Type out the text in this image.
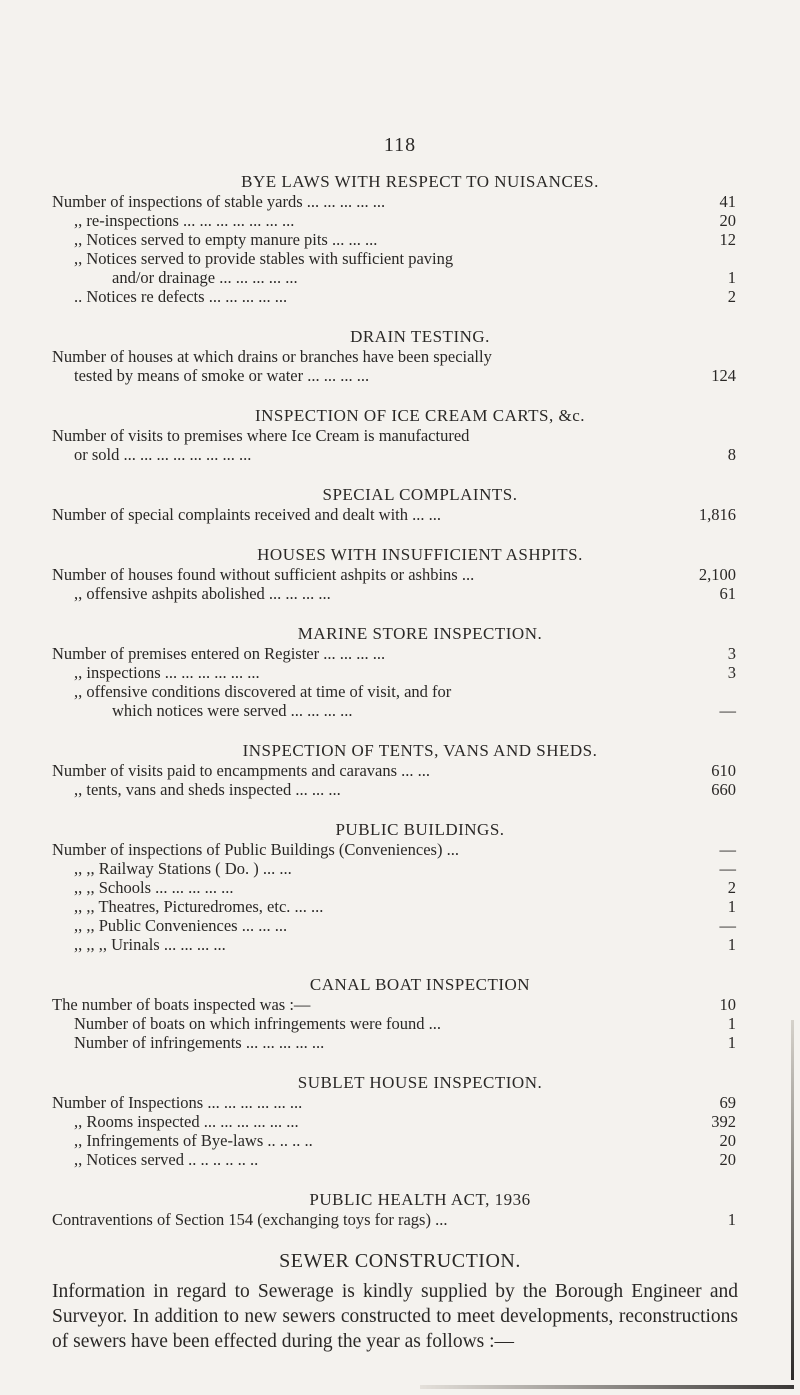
118
BYE LAWS WITH RESPECT TO NUISANCES.
Number of inspections of stable yards ... ... ... ... ...	41
,, re-inspections ... ... ... ... ... ... ...	20
,, Notices served to empty manure pits ... ... ...	12
,, Notices served to provide stables with sufficient paving
and/or drainage ... ... ... ... ...	1
.. Notices re defects ... ... ... ... ...	2
DRAIN TESTING.
Number of houses at which drains or branches have been specially
tested by means of smoke or water ... ... ... ...	124
INSPECTION OF ICE CREAM CARTS, &c.
Number of visits to premises where Ice Cream is manufactured
or sold ... ... ... ... ... ... ... ...	8
SPECIAL COMPLAINTS.
Number of special complaints received and dealt with ... ...	1,816
HOUSES WITH INSUFFICIENT ASHPITS.
Number of houses found without sufficient ashpits or ashbins ...	2,100
,, offensive ashpits abolished ... ... ... ...	61
MARINE STORE INSPECTION.
Number of premises entered on Register ... ... ... ...	3
,, inspections ... ... ... ... ... ...	3
,, offensive conditions discovered at time of visit, and for
which notices were served ... ... ... ...	—
INSPECTION OF TENTS, VANS AND SHEDS.
Number of visits paid to encampments and caravans ... ...	610
,, tents, vans and sheds inspected ... ... ...	660
PUBLIC BUILDINGS.
Number of inspections of Public Buildings (Conveniences) ...	—
,, ,, Railway Stations ( Do. ) ... ...	—
,, ,, Schools ... ... ... ... ...	2
,, ,, Theatres, Picturedromes, etc. ... ...	1
,, ,, Public Conveniences ... ... ...	—
,, ,, ,, Urinals ... ... ... ...	1
CANAL BOAT INSPECTION
The number of boats inspected was :—	10
Number of boats on which infringements were found ...	1
Number of infringements ... ... ... ... ...	1
SUBLET HOUSE INSPECTION.
Number of Inspections ... ... ... ... ... ...	69
,, Rooms inspected ... ... ... ... ... ...	392
,, Infringements of Bye-laws .. .. .. ..	20
,, Notices served .. .. .. .. .. ..	20
PUBLIC HEALTH ACT, 1936
Contraventions of Section 154 (exchanging toys for rags) ...	1
SEWER CONSTRUCTION.
Information in regard to Sewerage is kindly supplied by the Borough Engineer and Surveyor. In addition to new sewers constructed to meet developments, reconstructions of sewers have been effected during the year as follows :—
